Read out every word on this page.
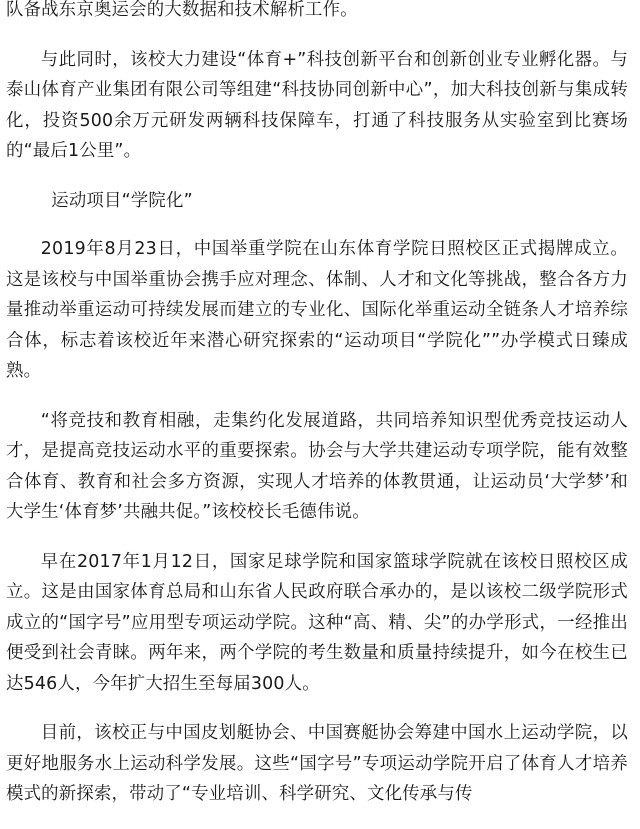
队备战东京奥运会的大数据和技术解析工作。

与此同时，该校大力建设“体育+”科技创新平台和创新创业专业孵化器。与泰山体育产业集团有限公司等组建“科技协同创新中心”，加大科技创新与集成转化，投资500余万元研发两辆科技保障车，打通了科技服务从实验室到比赛场的“最后1公里”。

运动项目“学院化”

2019年8月23日，中国举重学院在山东体育学院日照校区正式揭牌成立。这是该校与中国举重协会携手应对理念、体制、人才和文化等挑战，整合各方力量推动举重运动可持续发展而建立的专业化、国际化举重运动全链条人才培养综合体，标志着该校近年来潜心研究探索的“运动项目“学院化””办学模式日臻成熟。

“将竞技和教育相融，走集约化发展道路，共同培养知识型优秀竞技运动人才，是提高竞技运动水平的重要探索。协会与大学共建运动专项学院，能有效整合体育、教育和社会多方资源，实现人才培养的体教贯通，让运动员‘大学梦’和大学生‘体育梦’共融共促。”该校校长毛德伟说。

早在2017年1月12日，国家足球学院和国家篮球学院就在该校日照校区成立。这是由国家体育总局和山东省人民政府联合承办的，是以该校二级学院形式成立的“国字号”应用型专项运动学院。这种“高、精、尖”的办学形式，一经推出便受到社会青睐。两年来，两个学院的考生数量和质量持续提升，如今在校生已达546人，今年扩大招生至每届300人。

目前，该校正与中国皮划艇协会、中国赛艇协会筹建中国水上运动学院，以更好地服务水上运动科学发展。这些“国字号”专项运动学院开启了体育人才培养模式的新探索，带动了“专业培训、科学研究、文化传承与传
